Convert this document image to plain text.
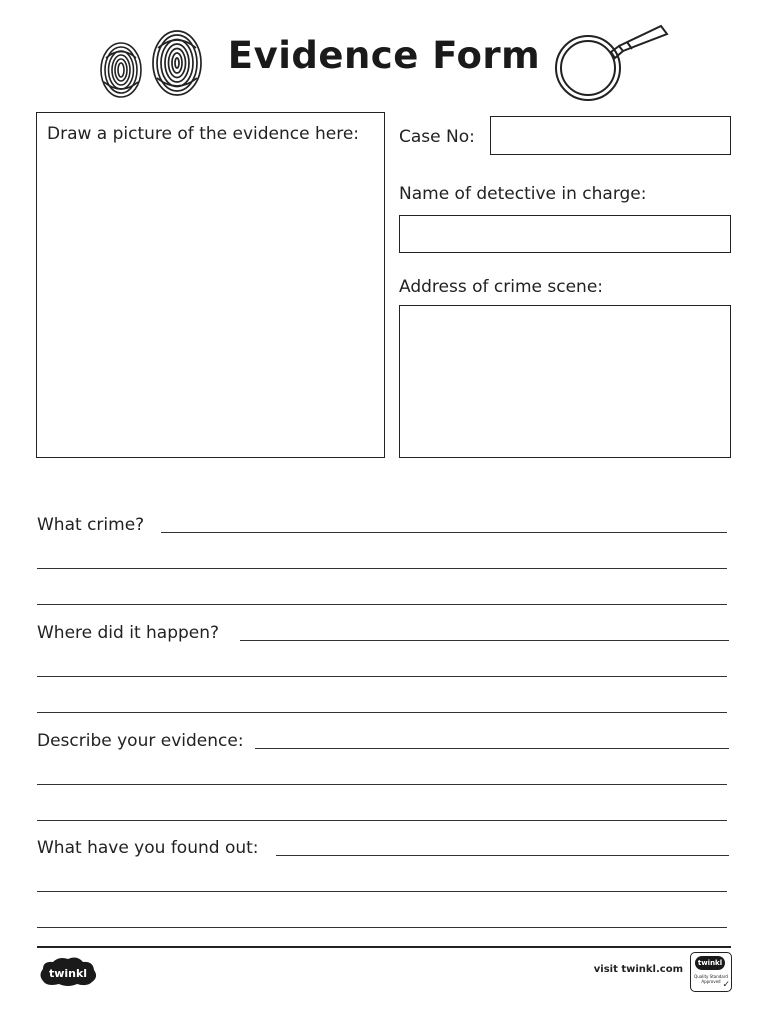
Evidence Form
Draw a picture of the evidence here: Case No:
Name of detective in charge:
Address of crime scene:
What crime?
Where did it happen?
Describe your evidence:
What have you found out:
twinkl	visit twinkl.com
twinkl
Quality Standard Approved ✓
